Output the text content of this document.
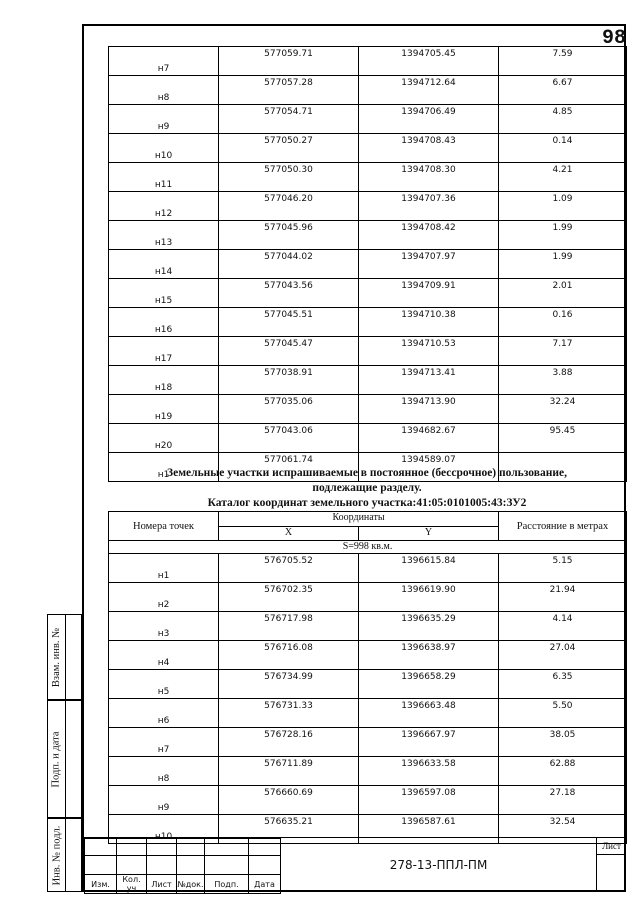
98
н7	577059.71	1394705.45	7.59
н8	577057.28	1394712.64	6.67
н9	577054.71	1394706.49	4.85
н10	577050.27	1394708.43	0.14
н11	577050.30	1394708.30	4.21
н12	577046.20	1394707.36	1.09
н13	577045.96	1394708.42	1.99
н14	577044.02	1394707.97	1.99
н15	577043.56	1394709.91	2.01
н16	577045.51	1394710.38	0.16
н17	577045.47	1394710.53	7.17
н18	577038.91	1394713.41	3.88
н19	577035.06	1394713.90	32.24
н20	577043.06	1394682.67	95.45
н1	577061.74	1394589.07	
Земельные участки испрашиваемые в постоянное (бессрочное) пользование,
подлежащие разделу.
Каталог координат земельного участка:41:05:0101005:43:ЗУ2
Номера точек	Координаты		Расстояние в метрах
	X	Y	
S=998 кв.м.			
н1	576705.52	1396615.84	5.15
н2	576702.35	1396619.90	21.94
н3	576717.98	1396635.29	4.14
н4	576716.08	1396638.97	27.04
н5	576734.99	1396658.29	6.35
н6	576731.33	1396663.48	5.50
н7	576728.16	1396667.97	38.05
н8	576711.89	1396633.58	62.88
н9	576660.69	1396597.08	27.18
н10	576635.21	1396587.61	32.54
Взам. инв. №
Подп. и дата
Инв. № подл.

						Изм.	Кол. уч	Лист	№док.	Подп.	Дата
278-13-ППЛ-ПМ
Лист
